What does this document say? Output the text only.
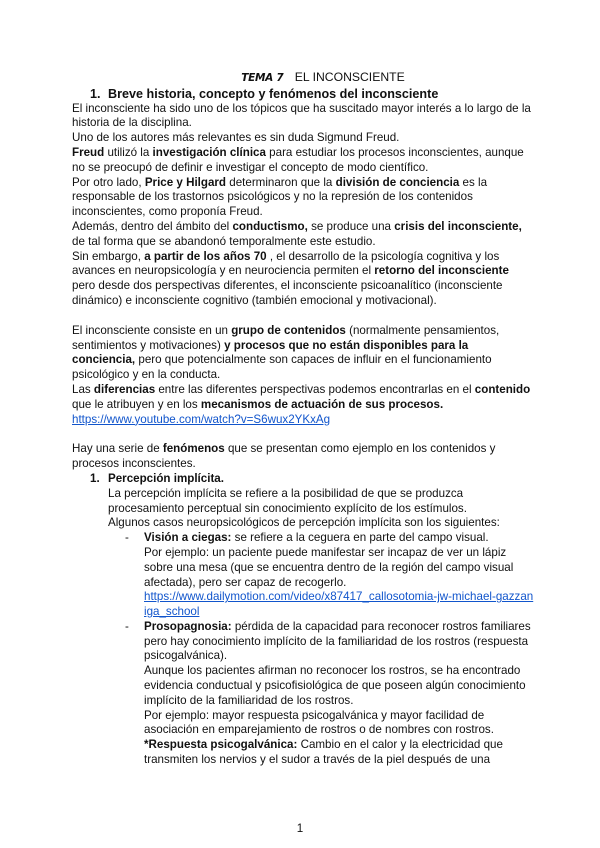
TEMA 7 EL INCONSCIENTE
1. Breve historia, concepto y fenómenos del inconsciente

El inconsciente ha sido uno de los tópicos que ha suscitado mayor interés a lo largo de la historia de la disciplina.

Uno de los autores más relevantes es sin duda Sigmund Freud.

Freud utilizó la investigación clínica para estudiar los procesos inconscientes, aunque no se preocupó de definir e investigar el concepto de modo científico.

Por otro lado, Price y Hilgard determinaron que la división de conciencia es la responsable de los trastornos psicológicos y no la represión de los contenidos inconscientes, como proponía Freud.

Además, dentro del ámbito del conductismo, se produce una crisis del inconsciente, de tal forma que se abandonó temporalmente este estudio.

Sin embargo, a partir de los años 70 , el desarrollo de la psicología cognitiva y los avances en neuropsicología y en neurociencia permiten el retorno del inconsciente pero desde dos perspectivas diferentes, el inconsciente psicoanalítico (inconsciente dinámico) e inconsciente cognitivo (también emocional y motivacional).

El inconsciente consiste en un grupo de contenidos (normalmente pensamientos, sentimientos y motivaciones) y procesos que no están disponibles para la conciencia, pero que potencialmente son capaces de influir en el funcionamiento psicológico y en la conducta.

Las diferencias entre las diferentes perspectivas podemos encontrarlas en el contenido que le atribuyen y en los mecanismos de actuación de sus procesos.

https://www.youtube.com/watch?v=S6wux2YKxAg

Hay una serie de fenómenos que se presentan como ejemplo en los contenidos y procesos inconscientes.

1. Percepción implícita.

La percepción implícita se refiere a la posibilidad de que se produzca procesamiento perceptual sin conocimiento explícito de los estímulos.

Algunos casos neuropsicológicos de percepción implícita son los siguientes:

- Visión a ciegas: se refiere a la ceguera en parte del campo visual.

Por ejemplo: un paciente puede manifestar ser incapaz de ver un lápiz sobre una mesa (que se encuentra dentro de la región del campo visual afectada), pero ser capaz de recogerlo.

https://www.dailymotion.com/video/x87417_callosotomia-jw-michael-gazzaniga_school

- Prosopagnosia: pérdida de la capacidad para reconocer rostros familiares pero hay conocimiento implícito de la familiaridad de los rostros (respuesta psicogalvánica).

Aunque los pacientes afirman no reconocer los rostros, se ha encontrado evidencia conductual y psicofisiológica de que poseen algún conocimiento implícito de la familiaridad de los rostros.

Por ejemplo: mayor respuesta psicogalvánica y mayor facilidad de asociación en emparejamiento de rostros o de nombres con rostros.

*Respuesta psicogalvánica: Cambio en el calor y la electricidad que transmiten los nervios y el sudor a través de la piel después de una

1
